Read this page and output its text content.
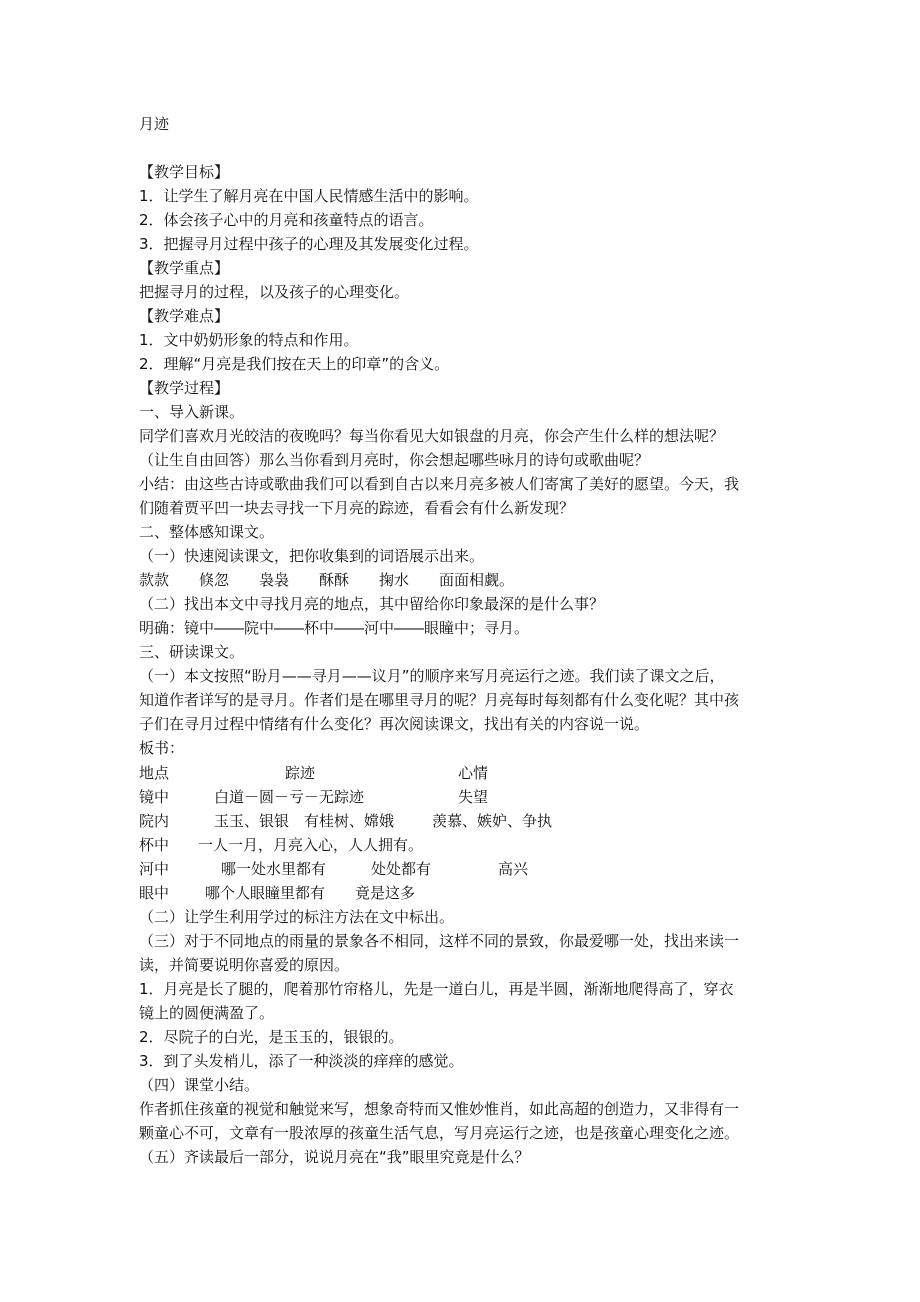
月迹
【教学目标】
1．让学生了解月亮在中国人民情感生活中的影响。
2．体会孩子心中的月亮和孩童特点的语言。
3．把握寻月过程中孩子的心理及其发展变化过程。
【教学重点】
把握寻月的过程，以及孩子的心理变化。
【教学难点】
1．文中奶奶形象的特点和作用。
2．理解“月亮是我们按在天上的印章”的含义。
【教学过程】
一、导入新课。
同学们喜欢月光皎洁的夜晚吗？每当你看见大如银盘的月亮，你会产生什么样的想法呢？
（让生自由回答）那么当你看到月亮时，你会想起哪些咏月的诗句或歌曲呢？
小结：由这些古诗或歌曲我们可以看到自古以来月亮多被人们寄寓了美好的愿望。今天，我
们随着贾平凹一块去寻找一下月亮的踪迹，看看会有什么新发现？
二、整体感知课文。
（一）快速阅读课文，把你收集到的词语展示出来。
款款　　倏忽　　袅袅　　酥酥　　掬水　　面面相觑。
（二）找出本文中寻找月亮的地点，其中留给你印象最深的是什么事？
明确：镜中――院中――杯中――河中――眼瞳中；寻月。
三、研读课文。
（一）本文按照“盼月——寻月——议月”的顺序来写月亮运行之迹。我们读了课文之后，
知道作者详写的是寻月。作者们是在哪里寻月的呢？月亮每时每刻都有什么变化呢？其中孩
子们在寻月过程中情绪有什么变化？再次阅读课文，找出有关的内容说一说。
板书：
地点	踪迹	心情
镜中	白道－圆－亏－无踪迹	失望
院内	玉玉、银银　有桂树、嫦娥	羡慕、嫉妒、争执
杯中 一人一月，月亮入心，人人拥有。
河中	哪一处水里都有　　　处处都有	高兴
眼中 哪个人眼瞳里都有　　竟是这多
（二）让学生利用学过的标注方法在文中标出。
（三）对于不同地点的雨量的景象各不相同，这样不同的景致，你最爱哪一处，找出来读一
读，并简要说明你喜爱的原因。
1．月亮是长了腿的，爬着那竹帘格儿，先是一道白儿，再是半圆，渐渐地爬得高了，穿衣
镜上的圆便满盈了。
2．尽院子的白光，是玉玉的，银银的。
3．到了头发梢儿，添了一种淡淡的痒痒的感觉。
（四）课堂小结。
作者抓住孩童的视觉和触觉来写，想象奇特而又惟妙惟肖，如此高超的创造力，又非得有一
颗童心不可，文章有一股浓厚的孩童生活气息，写月亮运行之迹，也是孩童心理变化之迹。
（五）齐读最后一部分，说说月亮在“我”眼里究竟是什么？
